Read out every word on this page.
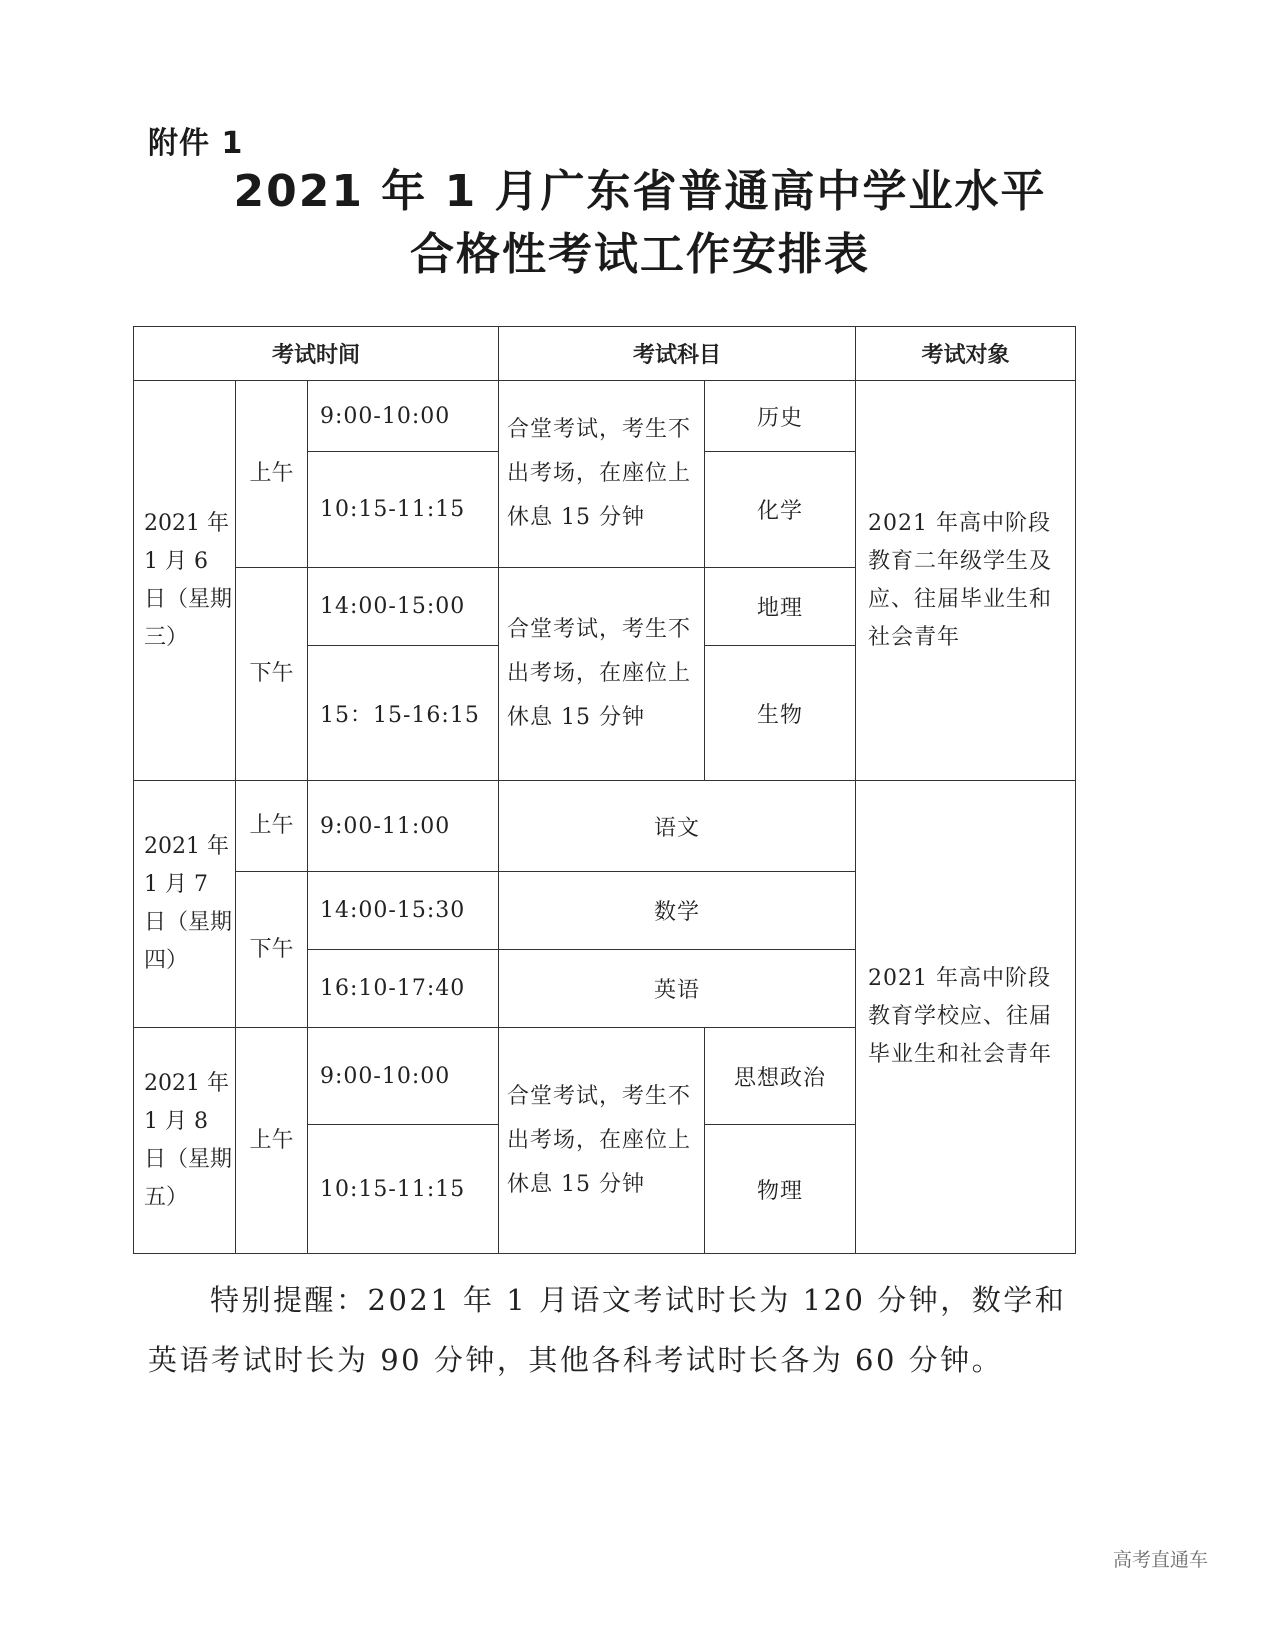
附件 1
2021 年 1 月广东省普通高中学业水平
合格性考试工作安排表
考试时间			考试科目		考试对象
2021 年 1 月 6 日（星期三）	上午	9:00-10:00	合堂考试，考生不出考场，在座位上休息 15 分钟	历史	2021 年高中阶段教育二年级学生及应、往届毕业生和社会青年
		10:15-11:15		化学	

	下午	14:00-15:00	合堂考试，考生不出考场，在座位上休息 15 分钟	地理	
		15：15-16:15		生物	
2021 年 1 月 7 日（星期四）	上午	9:00-11:00	语文		2021 年高中阶段教育学校应、往届毕业生和社会青年

	下午	14:00-15:30	数学		
		16:10-17:40	英语		
2021 年 1 月 8 日（星期五）	上午	9:00-10:00	合堂考试，考生不出考场，在座位上休息 15 分钟	思想政治	
		10:15-11:15		物理	
特别提醒：2021 年 1 月语文考试时长为 120 分钟，数学和英语考试时长为 90 分钟，其他各科考试时长各为 60 分钟。
高考直通车
